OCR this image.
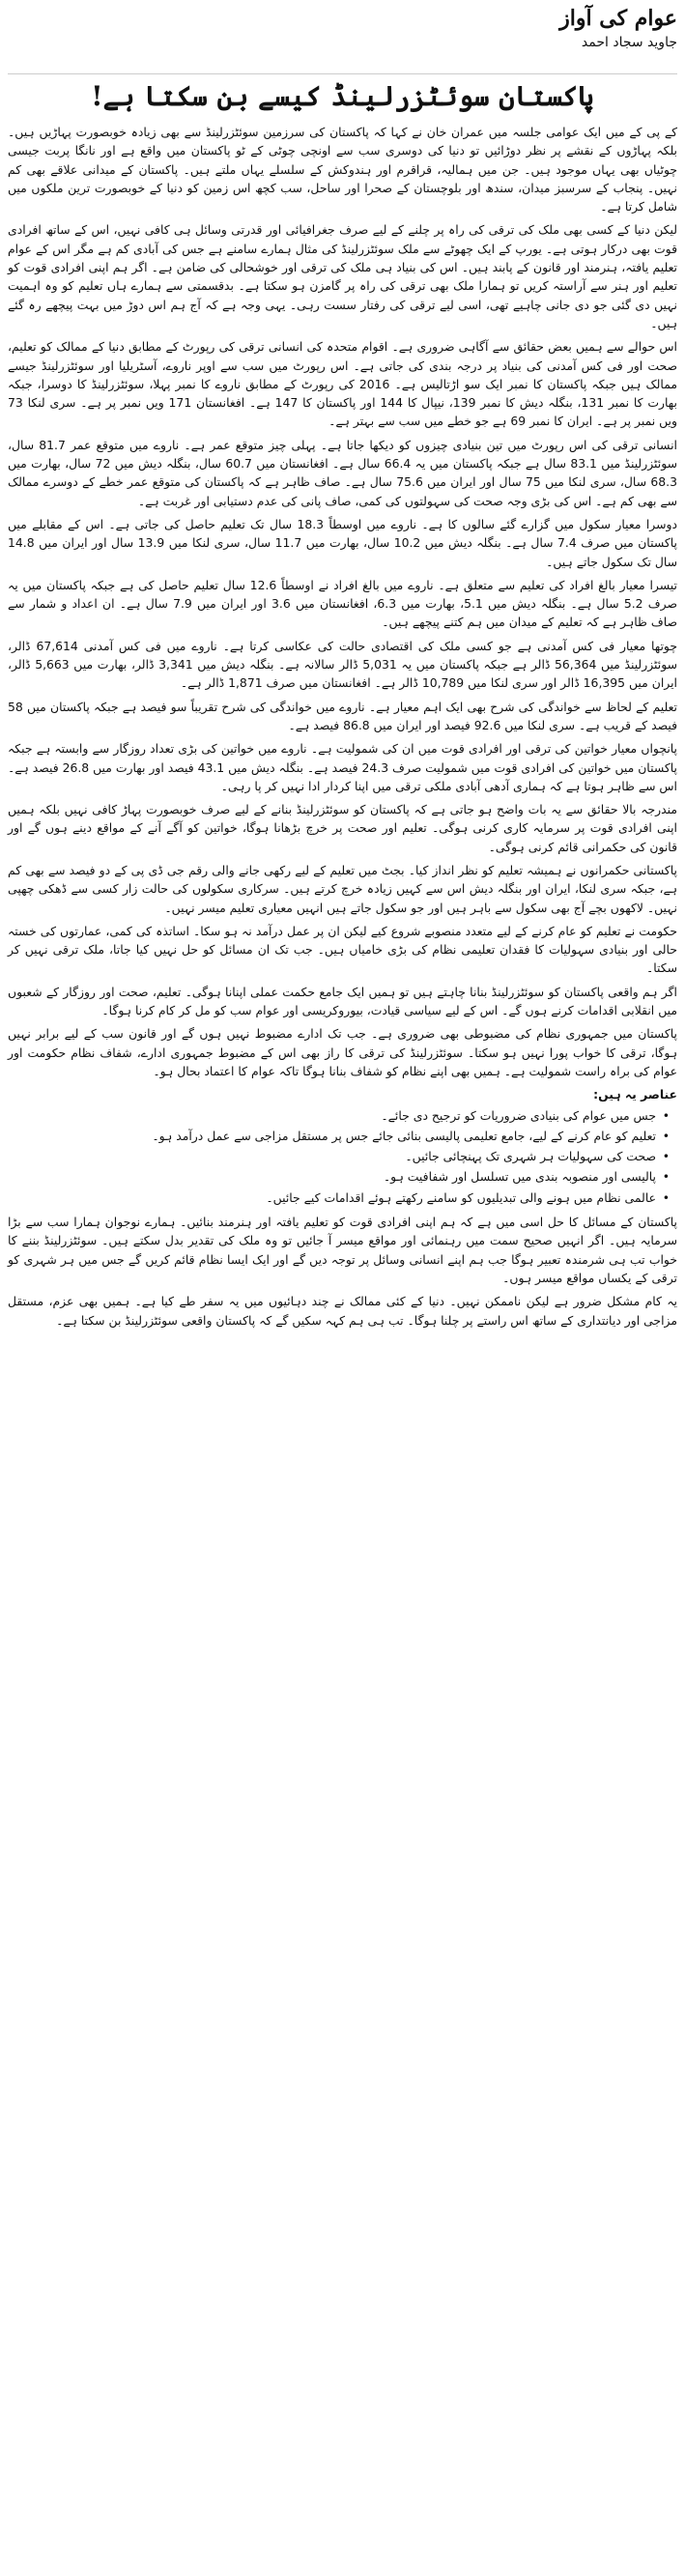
عوام کی آواز
جاوید سجاد احمد
پاکستان سوئٹزرلینڈ کیسے بن سکتا ہے!

کے پی کے میں ایک عوامی جلسہ میں عمران خان نے کہا کہ پاکستان کی سرزمین سوئٹزرلینڈ سے بھی زیادہ خوبصورت پہاڑیں ہیں۔ بلکہ پہاڑوں کے نقشے پر نظر دوڑائیں تو دنیا کی دوسری سب سے اونچی چوٹی کے ٹو پاکستان میں واقع ہے اور نانگا پربت جیسی چوٹیاں بھی یہاں موجود ہیں۔ جن میں ہمالیہ، قراقرم اور ہندوکش کے سلسلے یہاں ملتے ہیں۔ پاکستان کے میدانی علاقے بھی کم نہیں۔ پنجاب کے سرسبز میدان، سندھ اور بلوچستان کے صحرا اور ساحل، سب کچھ اس زمین کو دنیا کے خوبصورت ترین ملکوں میں شامل کرتا ہے۔

لیکن دنیا کے کسی بھی ملک کی ترقی کی راہ پر چلنے کے لیے صرف جغرافیائی اور قدرتی وسائل ہی کافی نہیں، اس کے ساتھ افرادی قوت بھی درکار ہوتی ہے۔ یورپ کے ایک چھوٹے سے ملک سوئٹزرلینڈ کی مثال ہمارے سامنے ہے جس کی آبادی کم ہے مگر اس کے عوام تعلیم یافتہ، ہنرمند اور قانون کے پابند ہیں۔ اس کی بنیاد ہی ملک کی ترقی اور خوشحالی کی ضامن ہے۔ اگر ہم اپنی افرادی قوت کو تعلیم اور ہنر سے آراستہ کریں تو ہمارا ملک بھی ترقی کی راہ پر گامزن ہو سکتا ہے۔ بدقسمتی سے ہمارے ہاں تعلیم کو وہ اہمیت نہیں دی گئی جو دی جانی چاہیے تھی، اسی لیے ترقی کی رفتار سست رہی۔ یہی وجہ ہے کہ آج ہم اس دوڑ میں بہت پیچھے رہ گئے ہیں۔

اس حوالے سے ہمیں بعض حقائق سے آگاہی ضروری ہے۔ اقوام متحدہ کی انسانی ترقی کی رپورٹ کے مطابق دنیا کے ممالک کو تعلیم، صحت اور فی کس آمدنی کی بنیاد پر درجہ بندی کی جاتی ہے۔ اس رپورٹ میں سب سے اوپر ناروے، آسٹریلیا اور سوئٹزرلینڈ جیسے ممالک ہیں جبکہ پاکستان کا نمبر ایک سو اڑتالیس ہے۔ 2016 کی رپورٹ کے مطابق ناروے کا نمبر پہلا، سوئٹزرلینڈ کا دوسرا، جبکہ بھارت کا نمبر 131، بنگلہ دیش کا نمبر 139، نیپال کا 144 اور پاکستان کا 147 ہے۔ افغانستان 171 ویں نمبر پر ہے۔ سری لنکا 73 ویں نمبر پر ہے۔ ایران کا نمبر 69 ہے جو خطے میں سب سے بہتر ہے۔

انسانی ترقی کی اس رپورٹ میں تین بنیادی چیزوں کو دیکھا جاتا ہے۔ پہلی چیز متوقع عمر ہے۔ ناروے میں متوقع عمر 81.7 سال، سوئٹزرلینڈ میں 83.1 سال ہے جبکہ پاکستان میں یہ 66.4 سال ہے۔ افغانستان میں 60.7 سال، بنگلہ دیش میں 72 سال، بھارت میں 68.3 سال، سری لنکا میں 75 سال اور ایران میں 75.6 سال ہے۔ صاف ظاہر ہے کہ پاکستان کی متوقع عمر خطے کے دوسرے ممالک سے بھی کم ہے۔ اس کی بڑی وجہ صحت کی سہولتوں کی کمی، صاف پانی کی عدم دستیابی اور غربت ہے۔

دوسرا معیار سکول میں گزارے گئے سالوں کا ہے۔ ناروے میں اوسطاً 18.3 سال تک تعلیم حاصل کی جاتی ہے۔ اس کے مقابلے میں پاکستان میں صرف 7.4 سال ہے۔ بنگلہ دیش میں 10.2 سال، بھارت میں 11.7 سال، سری لنکا میں 13.9 سال اور ایران میں 14.8 سال تک سکول جاتے ہیں۔

تیسرا معیار بالغ افراد کی تعلیم سے متعلق ہے۔ ناروے میں بالغ افراد نے اوسطاً 12.6 سال تعلیم حاصل کی ہے جبکہ پاکستان میں یہ صرف 5.2 سال ہے۔ بنگلہ دیش میں 5.1، بھارت میں 6.3، افغانستان میں 3.6 اور ایران میں 7.9 سال ہے۔ ان اعداد و شمار سے صاف ظاہر ہے کہ تعلیم کے میدان میں ہم کتنے پیچھے ہیں۔

چوتھا معیار فی کس آمدنی ہے جو کسی ملک کی اقتصادی حالت کی عکاسی کرتا ہے۔ ناروے میں فی کس آمدنی 67,614 ڈالر، سوئٹزرلینڈ میں 56,364 ڈالر ہے جبکہ پاکستان میں یہ 5,031 ڈالر سالانہ ہے۔ بنگلہ دیش میں 3,341 ڈالر، بھارت میں 5,663 ڈالر، ایران میں 16,395 ڈالر اور سری لنکا میں 10,789 ڈالر ہے۔ افغانستان میں صرف 1,871 ڈالر ہے۔

تعلیم کے لحاظ سے خواندگی کی شرح بھی ایک اہم معیار ہے۔ ناروے میں خواندگی کی شرح تقریباً سو فیصد ہے جبکہ پاکستان میں 58 فیصد کے قریب ہے۔ سری لنکا میں 92.6 فیصد اور ایران میں 86.8 فیصد ہے۔

پانچواں معیار خواتین کی ترقی اور افرادی قوت میں ان کی شمولیت ہے۔ ناروے میں خواتین کی بڑی تعداد روزگار سے وابستہ ہے جبکہ پاکستان میں خواتین کی افرادی قوت میں شمولیت صرف 24.3 فیصد ہے۔ بنگلہ دیش میں 43.1 فیصد اور بھارت میں 26.8 فیصد ہے۔ اس سے ظاہر ہوتا ہے کہ ہماری آدھی آبادی ملکی ترقی میں اپنا کردار ادا نہیں کر پا رہی۔

مندرجہ بالا حقائق سے یہ بات واضح ہو جاتی ہے کہ پاکستان کو سوئٹزرلینڈ بنانے کے لیے صرف خوبصورت پہاڑ کافی نہیں بلکہ ہمیں اپنی افرادی قوت پر سرمایہ کاری کرنی ہوگی۔ تعلیم اور صحت پر خرچ بڑھانا ہوگا، خواتین کو آگے آنے کے مواقع دینے ہوں گے اور قانون کی حکمرانی قائم کرنی ہوگی۔

پاکستانی حکمرانوں نے ہمیشہ تعلیم کو نظر انداز کیا۔ بجٹ میں تعلیم کے لیے رکھی جانے والی رقم جی ڈی پی کے دو فیصد سے بھی کم ہے، جبکہ سری لنکا، ایران اور بنگلہ دیش اس سے کہیں زیادہ خرچ کرتے ہیں۔ سرکاری سکولوں کی حالت زار کسی سے ڈھکی چھپی نہیں۔ لاکھوں بچے آج بھی سکول سے باہر ہیں اور جو سکول جاتے ہیں انہیں معیاری تعلیم میسر نہیں۔

حکومت نے تعلیم کو عام کرنے کے لیے متعدد منصوبے شروع کیے لیکن ان پر عمل درآمد نہ ہو سکا۔ اساتذہ کی کمی، عمارتوں کی خستہ حالی اور بنیادی سہولیات کا فقدان تعلیمی نظام کی بڑی خامیاں ہیں۔ جب تک ان مسائل کو حل نہیں کیا جاتا، ملک ترقی نہیں کر سکتا۔

اگر ہم واقعی پاکستان کو سوئٹزرلینڈ بنانا چاہتے ہیں تو ہمیں ایک جامع حکمت عملی اپنانا ہوگی۔ تعلیم، صحت اور روزگار کے شعبوں میں انقلابی اقدامات کرنے ہوں گے۔ اس کے لیے سیاسی قیادت، بیوروکریسی اور عوام سب کو مل کر کام کرنا ہوگا۔

پاکستان میں جمہوری نظام کی مضبوطی بھی ضروری ہے۔ جب تک ادارے مضبوط نہیں ہوں گے اور قانون سب کے لیے برابر نہیں ہوگا، ترقی کا خواب پورا نہیں ہو سکتا۔ سوئٹزرلینڈ کی ترقی کا راز بھی اس کے مضبوط جمہوری ادارے، شفاف نظام حکومت اور عوام کی براہ راست شمولیت ہے۔ ہمیں بھی اپنے نظام کو شفاف بنانا ہوگا تاکہ عوام کا اعتماد بحال ہو۔

عناصر یہ ہیں:
• جس میں عوام کی بنیادی ضروریات کو ترجیح دی جائے۔
• تعلیم کو عام کرنے کے لیے، جامع تعلیمی پالیسی بنائی جائے جس پر مستقل مزاجی سے عمل درآمد ہو۔
• صحت کی سہولیات ہر شہری تک پہنچائی جائیں۔
• پالیسی اور منصوبہ بندی میں تسلسل اور شفافیت ہو۔
• عالمی نظام میں ہونے والی تبدیلیوں کو سامنے رکھتے ہوئے اقدامات کیے جائیں۔

پاکستان کے مسائل کا حل اسی میں ہے کہ ہم اپنی افرادی قوت کو تعلیم یافتہ اور ہنرمند بنائیں۔ ہمارے نوجوان ہمارا سب سے بڑا سرمایہ ہیں۔ اگر انہیں صحیح سمت میں رہنمائی اور مواقع میسر آ جائیں تو وہ ملک کی تقدیر بدل سکتے ہیں۔ سوئٹزرلینڈ بننے کا خواب تب ہی شرمندہ تعبیر ہوگا جب ہم اپنے انسانی وسائل پر توجہ دیں گے اور ایک ایسا نظام قائم کریں گے جس میں ہر شہری کو ترقی کے یکساں مواقع میسر ہوں۔

یہ کام مشکل ضرور ہے لیکن ناممکن نہیں۔ دنیا کے کئی ممالک نے چند دہائیوں میں یہ سفر طے کیا ہے۔ ہمیں بھی عزم، مستقل مزاجی اور دیانتداری کے ساتھ اس راستے پر چلنا ہوگا۔ تب ہی ہم کہہ سکیں گے کہ پاکستان واقعی سوئٹزرلینڈ بن سکتا ہے۔
